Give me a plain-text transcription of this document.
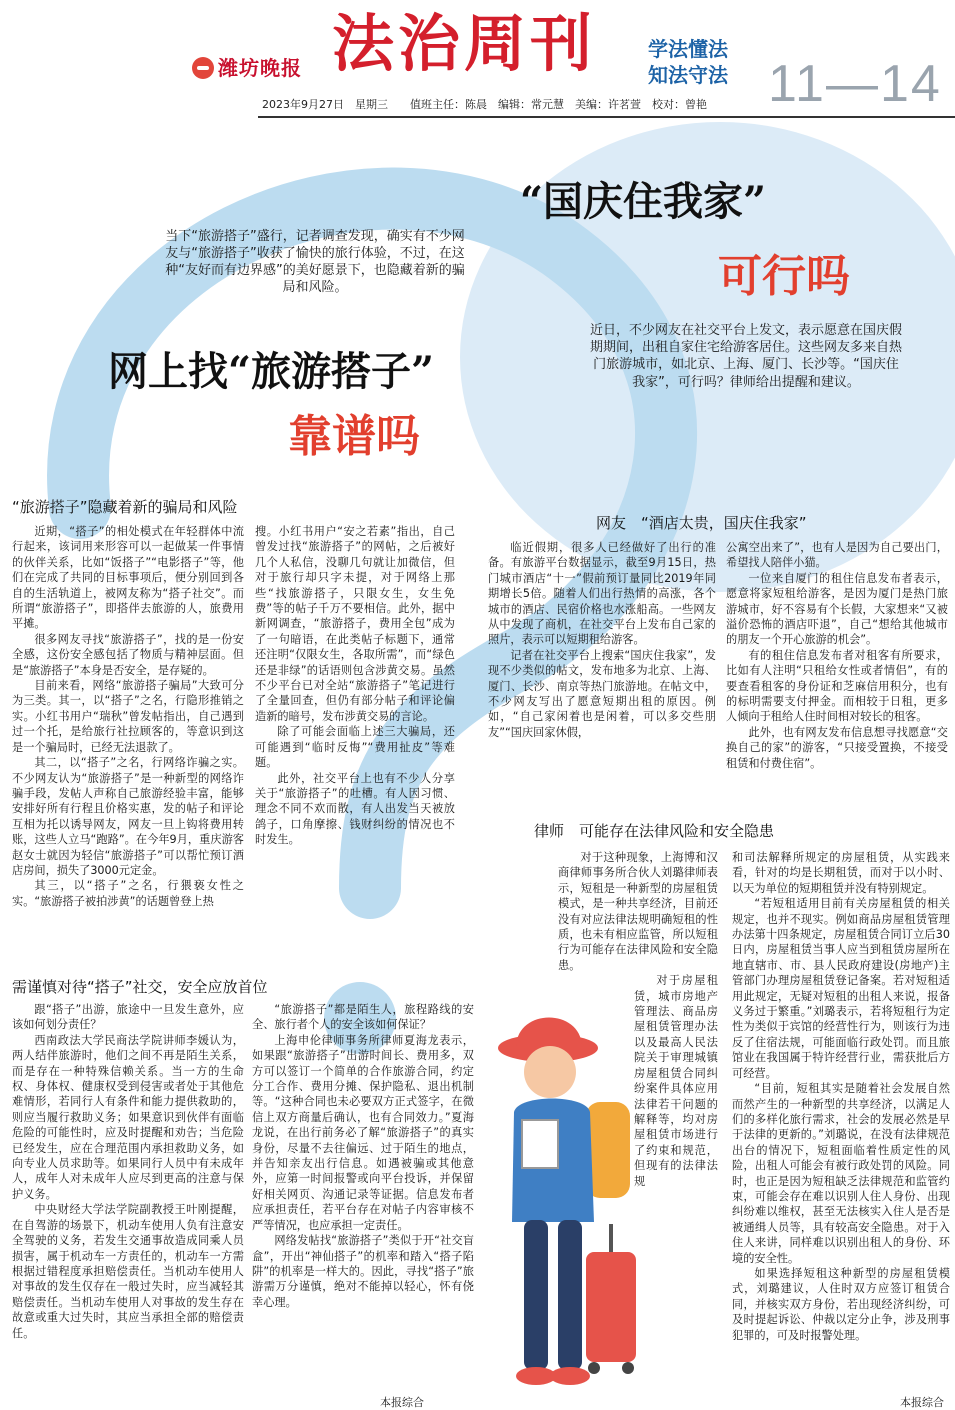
潍坊晚报 法治周刊	学法懂法
知法守法 11—14
2023年9月27日　星期三　　值班主任：陈晨　编辑：常元慧　美编：许茗萱　校对：曾艳
当下“旅游搭子”盛行，记者调查发现，确实有不少网友与“旅游搭子”收获了愉快的旅行体验，不过，在这种“友好而有边界感”的美好愿景下，也隐藏着新的骗局和风险。
网上找“旅游搭子”
靠谱吗
“国庆住我家”
可行吗
近日，不少网友在社交平台上发文，表示愿意在国庆假期期间，出租自家住宅给游客居住。这些网友多来自热门旅游城市，如北京、上海、厦门、长沙等。“国庆住我家”，可行吗？律师给出提醒和建议。
“旅游搭子”隐藏着新的骗局和风险

近期，“搭子”的相处模式在年轻群体中流行起来，该词用来形容可以一起做某一件事情的伙伴关系，比如“饭搭子”“电影搭子”等，他们在完成了共同的目标事项后，便分别回到各自的生活轨道上，被网友称为“搭子社交”。而所谓“旅游搭子”，即搭伴去旅游的人，旅费用平摊。

很多网友寻找“旅游搭子”，找的是一份安全感，这份安全感包括了物质与精神层面。但是“旅游搭子”本身是否安全，是存疑的。

目前来看，网络“旅游搭子骗局”大致可分为三类。其一，以“搭子”之名，行隐形推销之实。小红书用户“瑞秋”曾发帖指出，自己遇到过一个托，是给旅行社拉顾客的，等意识到这是一个骗局时，已经无法退款了。

其二，以“搭子”之名，行网络诈骗之实。不少网友认为“旅游搭子”是一种新型的网络诈骗手段，发帖人声称自己旅游经验丰富，能够安排好所有行程且价格实惠，发的帖子和评论互相为托以诱导网友，网友一旦上钩将费用转账，这些人立马“跑路”。在今年9月，重庆游客赵女士就因为轻信“旅游搭子”可以帮忙预订酒店房间，损失了3000元定金。

其三，以“搭子”之名，行猥亵女性之实。“旅游搭子被拍涉黄”的话题曾登上热

搜。小红书用户“安之若素”指出，自己曾发过找“旅游搭子”的网帖，之后被好几个人私信，没聊几句就让加微信，但对于旅行却只字未提，对于网络上那些“找旅游搭子，只限女生，女生免费”等的帖子千万不要相信。此外，据中新网调查，“旅游搭子，费用全包”成为了一句暗语，在此类帖子标题下，通常还注明“仅限女生，各取所需”，而“绿色还是非绿”的话语则包含涉黄交易。虽然不少平台已对全站“旅游搭子”笔记进行了全量回查，但仍有部分帖子和评论偏造新的暗号，发布涉黄交易的言论。

除了可能会面临上述三大骗局，还可能遇到“临时反悔”“费用扯皮”等难题。

此外，社交平台上也有不少人分享关于“旅游搭子”的吐槽。有人因习惯、理念不同不欢而散，有人出发当天被放鸽子，口角摩擦、钱财纠纷的情况也不时发生。

需谨慎对待“搭子”社交，安全应放首位

跟“搭子”出游，旅途中一旦发生意外，应该如何划分责任？

西南政法大学民商法学院讲师李媛认为，两人结伴旅游时，他们之间不再是陌生关系，而是存在一种特殊信赖关系。当一方的生命权、身体权、健康权受到侵害或者处于其他危难情形，若同行人有条件和能力提供救助的，则应当履行救助义务；如果意识到伙伴有面临危险的可能性时，应及时提醒和劝告；当危险已经发生，应在合理范围内承担救助义务，如向专业人员求助等。如果同行人员中有未成年人，成年人对未成年人应尽到更高的注意与保护义务。

中央财经大学法学院副教授王叶刚提醒，在自驾游的场景下，机动车使用人负有注意安全驾驶的义务，若发生交通事故造成同乘人员损害，属于机动车一方责任的，机动车一方需根据过错程度承担赔偿责任。当机动车使用人对事故的发生仅存在一般过失时，应当减轻其赔偿责任。当机动车使用人对事故的发生存在故意或重大过失时，其应当承担全部的赔偿责任。

“旅游搭子”都是陌生人，旅程路线的安全、旅行者个人的安全该如何保证？

上海申伦律师事务所律师夏海龙表示，如果跟“旅游搭子”出游时间长、费用多，双方可以签订一个简单的合作旅游合同，约定分工合作、费用分摊、保护隐私、退出机制等。“这种合同也未必要双方正式签字，在微信上双方商量后确认，也有合同效力。”夏海龙说，在出行前务必了解“旅游搭子”的真实身份，尽量不去往偏远、过于陌生的地点，并告知亲友出行信息。如遇被骗或其他意外，应第一时间报警或向平台投诉，并保留好相关网页、沟通记录等证据。信息发布者应承担责任，若平台存在对帖子内容审核不严等情况，也应承担一定责任。

网络发帖找“旅游搭子”类似于开“社交盲盒”，开出“神仙搭子”的机率和踏入“搭子陷阱”的机率是一样大的。因此，寻找“搭子”旅游需万分谨慎，绝对不能掉以轻心，怀有侥幸心理。

本报综合
网友　“酒店太贵，国庆住我家”

临近假期，很多人已经做好了出行的准备。有旅游平台数据显示，截至9月15日，热门城市酒店“十一”假前预订量同比2019年同期增长5倍。随着人们出行热情的高涨，各个城市的酒店、民宿价格也水涨船高。一些网友从中发现了商机，在社交平台上发布自己家的照片，表示可以短期租给游客。

记者在社交平台上搜索“国庆住我家”，发现不少类似的帖文，发布地多为北京、上海、厦门、长沙、南京等热门旅游地。在帖文中，不少网友写出了愿意短期出租的原因。例如，“自己家闲着也是闲着，可以多交些朋友”“国庆回家休假，

公寓空出来了”，也有人是因为自己要出门，希望找人陪伴小猫。

一位来自厦门的租住信息发布者表示，愿意将家短租给游客，是因为厦门是热门旅游城市，好不容易有个长假，大家想来“又被溢价恐怖的酒店吓退”，自己“想给其他城市的朋友一个开心旅游的机会”。

有的租住信息发布者对租客有所要求，比如有人注明“只租给女性或者情侣”，有的要查看租客的身份证和芝麻信用积分，也有的标明需要支付押金。而相较于日租，更多人倾向于租给人住时间相对较长的租客。

此外，也有网友发布信息想寻找愿意“交换自己的家”的游客，“只接受置换，不接受租赁和付费住宿”。

律师　可能存在法律风险和安全隐患

对于这种现象，上海博和汉商律师事务所合伙人刘璐律师表示，短租是一种新型的房屋租赁模式，是一种共享经济，目前还没有对应法律法规明确短租的性质，也未有相应监管，所以短租行为可能存在法律风险和安全隐患。

对于房屋租赁，城市房地产管理法、商品房屋租赁管理办法以及最高人民法院关于审理城镇房屋租赁合同纠纷案件具体应用法律若干问题的解释等，均对房屋租赁市场进行了约束和规范，但现有的法律法规

和司法解释所规定的房屋租赁，从实践来看，针对的均是长期租赁，而对于以小时、以天为单位的短期租赁并没有特别规定。

“若短租适用目前有关房屋租赁的相关规定，也并不现实。例如商品房屋租赁管理办法第十四条规定，房屋租赁合同订立后30日内，房屋租赁当事人应当到租赁房屋所在地直辖市、市、县人民政府建设(房地产)主管部门办理房屋租赁登记备案。若对短租适用此规定，无疑对短租的出租人来说，报备义务过于繁重。”刘璐表示，若将短租行为定性为类似于宾馆的经营性行为，则该行为违反了住宿法规，可能面临行政处罚。而且旅馆业在我国属于特许经营行业，需获批后方可经营。

“目前，短租其实是随着社会发展自然而然产生的一种新型的共享经济，以满足人们的多样化旅行需求，社会的发展必然是早于法律的更新的。”刘璐说，在没有法律规范出台的情况下，短租面临着性质定性的风险，出租人可能会有被行政处罚的风险。同时，也正是因为短租缺乏法律规范和监管约束，可能会存在难以识别人住人身份、出现纠纷难以维权，甚至无法核实入住人是否是被通缉人员等，具有较高安全隐患。对于入住人来讲，同样难以识别出租人的身份、环境的安全性。

如果选择短租这种新型的房屋租赁模式，刘璐建议，人住时双方应签订租赁合同，并核实双方身份，若出现经济纠纷，可及时提起诉讼、仲裁以定分止争，涉及刑事犯罪的，可及时报警处理。

本报综合
